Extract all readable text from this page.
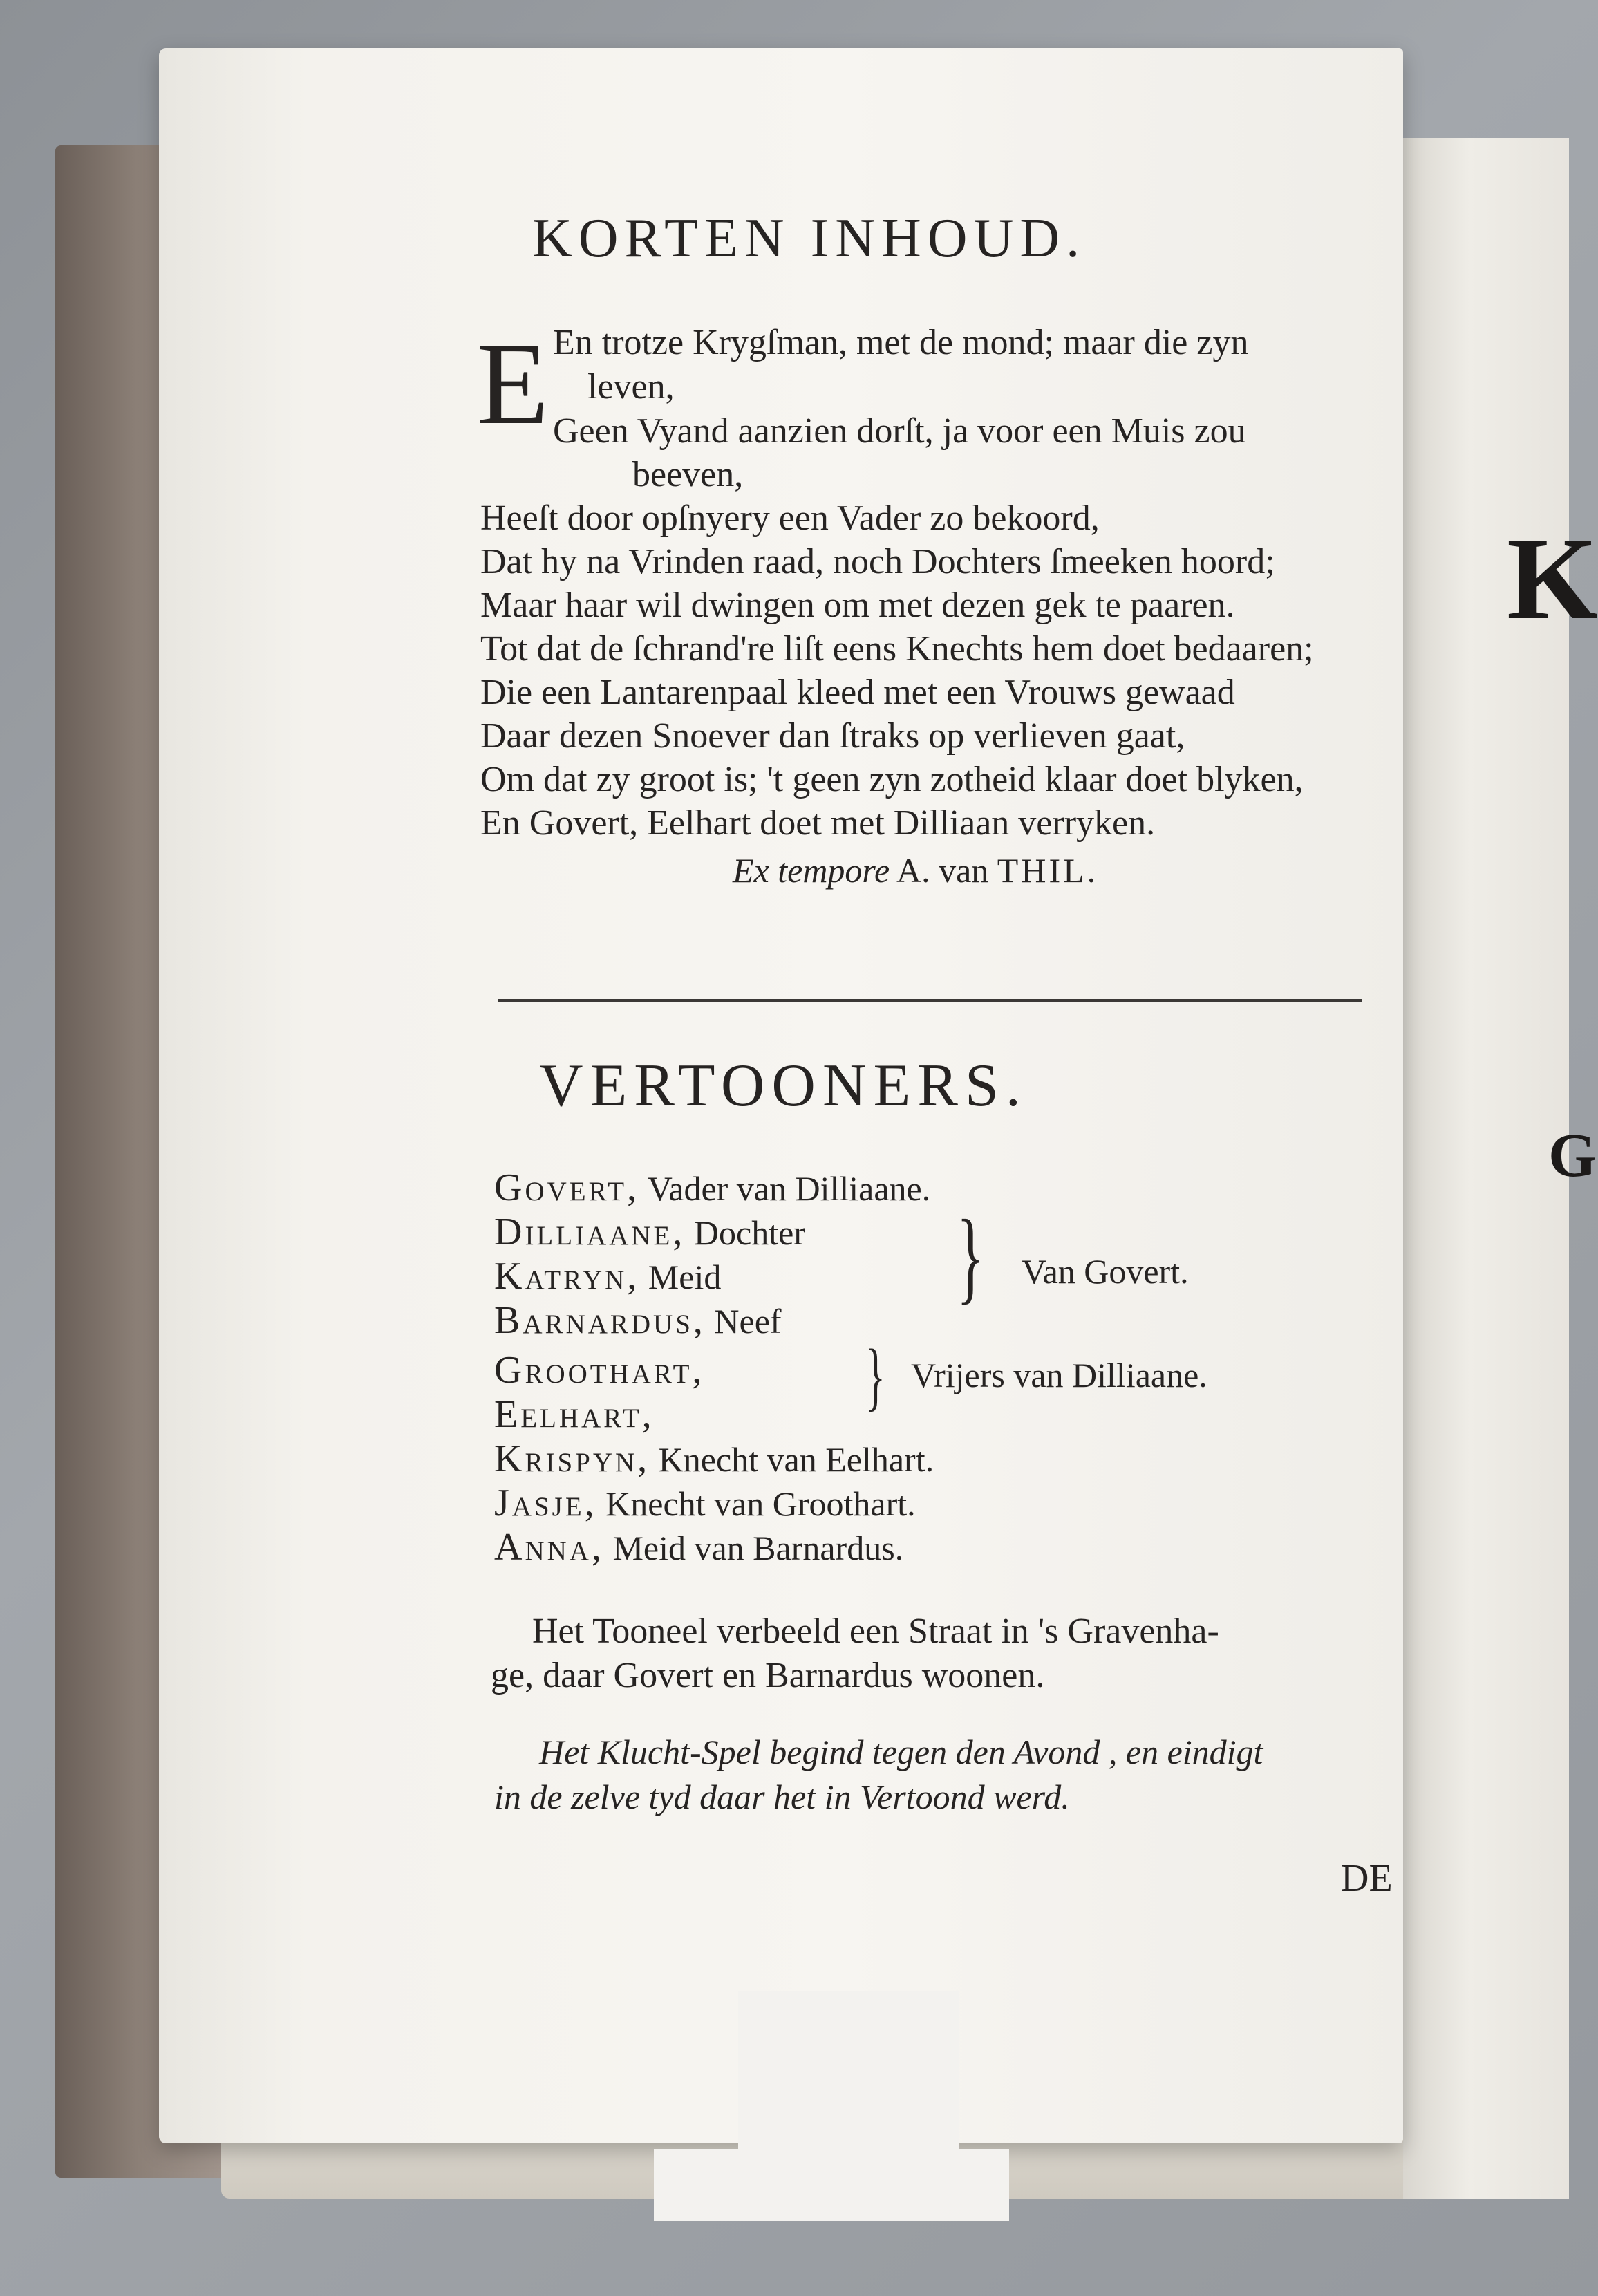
K
G
KORTEN INHOUD.
E En trotze Krygſman, met de mond; maar die zyn
leven,
Geen Vyand aanzien dorſt, ja voor een Muis zou
beeven,
Heeſt door opſnyery een Vader zo bekoord,
Dat hy na Vrinden raad, noch Dochters ſmeeken hoord;
Maar haar wil dwingen om met dezen gek te paaren.
Tot dat de ſchrand're liſt eens Knechts hem doet bedaaren;
Die een Lantarenpaal kleed met een Vrouws gewaad
Daar dezen Snoever dan ſtraks op verlieven gaat,
Om dat zy groot is; 't geen zyn zotheid klaar doet blyken,
En Govert, Eelhart doet met Dilliaan verryken.
Ex tempore A. van THIL.
VERTOONERS.
Govert, Vader van Dilliaane.
Dilliaane, Dochter
Katryn, Meid
Barnardus, Neef
Groothart,
Eelhart,
Krispyn, Knecht van Eelhart.
Jasje, Knecht van Groothart.
Anna, Meid van Barnardus.
} Van Govert.
} Vrijers van Dilliaane.
Het Tooneel verbeeld een Straat in 's Gravenha-
ge, daar Govert en Barnardus woonen.
Het Klucht-Spel begind tegen den Avond , en eindigt
in de zelve tyd daar het in Vertoond werd.
DE
